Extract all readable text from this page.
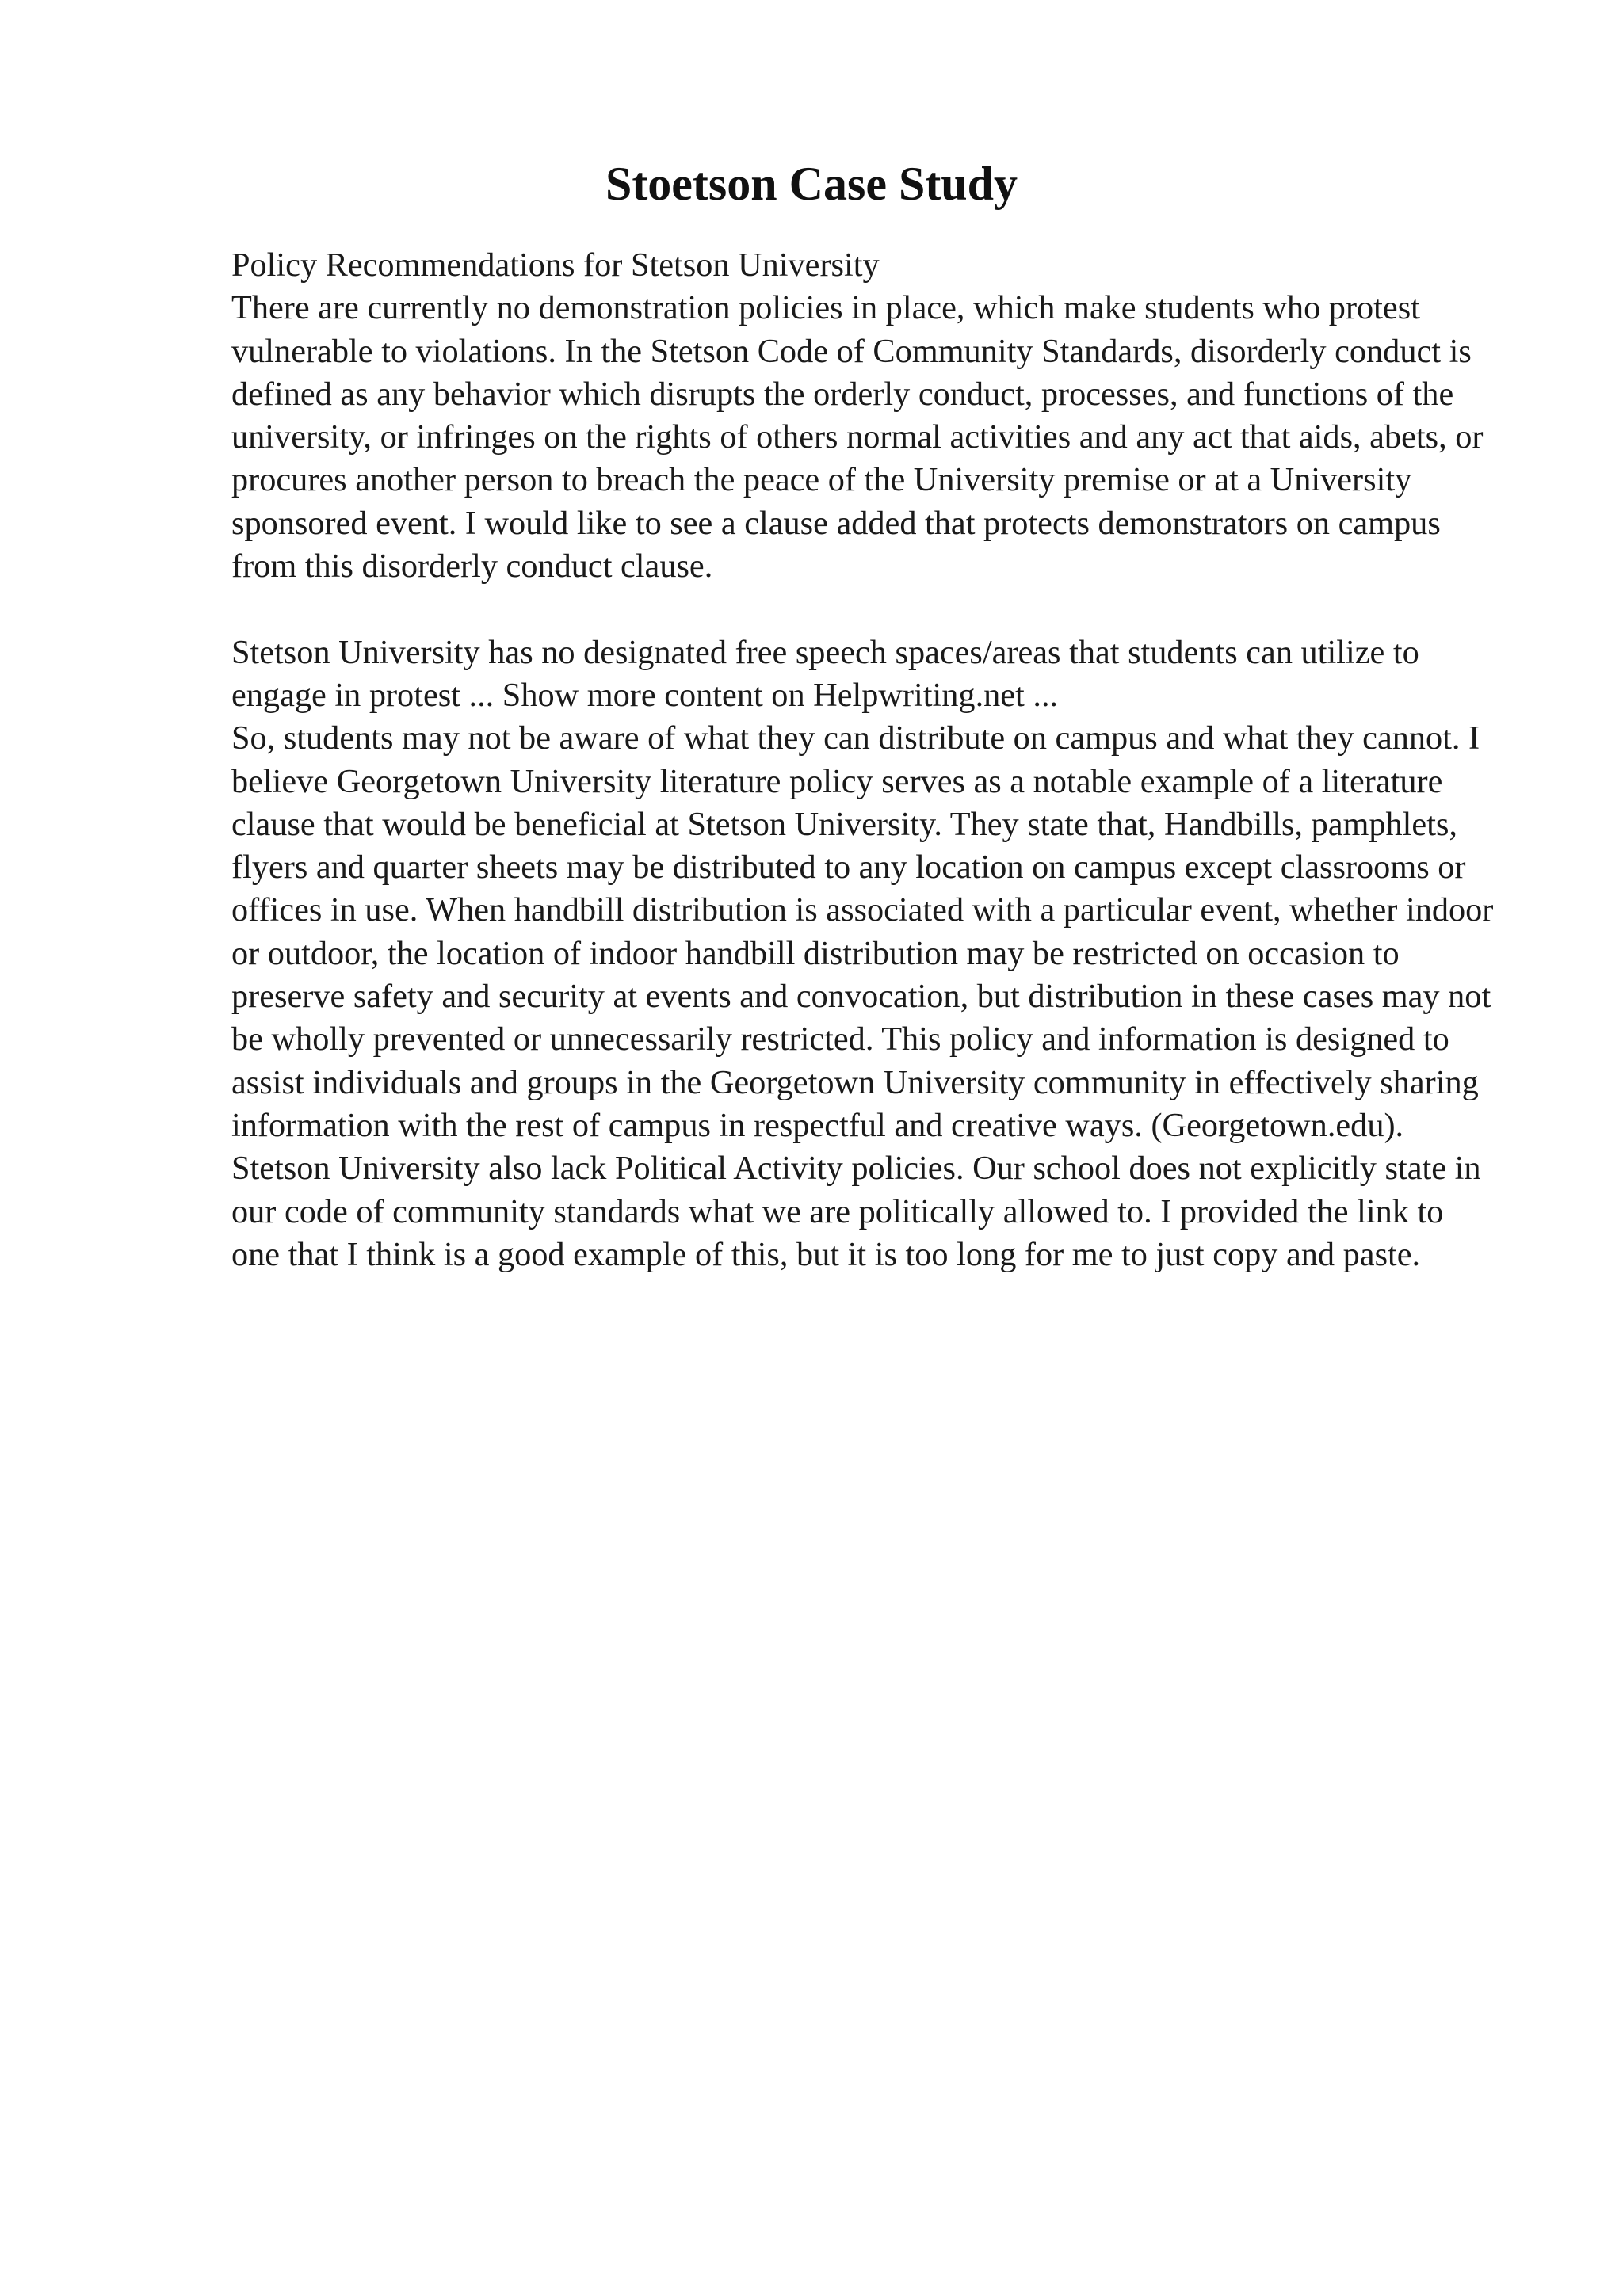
Stoetson Case Study

Policy Recommendations for Stetson University

There are currently no demonstration policies in place, which make students who protest vulnerable to violations. In the Stetson Code of Community Standards, disorderly conduct is defined as any behavior which disrupts the orderly conduct, processes, and functions of the university, or infringes on the rights of others normal activities and any act that aids, abets, or procures another person to breach the peace of the University premise or at a University sponsored event. I would like to see a clause added that protects demonstrators on campus from this disorderly conduct clause.

Stetson University has no designated free speech spaces/areas that students can utilize to engage in protest ... Show more content on Helpwriting.net ...

So, students may not be aware of what they can distribute on campus and what they cannot. I believe Georgetown University literature policy serves as a notable example of a literature clause that would be beneficial at Stetson University. They state that, Handbills, pamphlets, flyers and quarter sheets may be distributed to any location on campus except classrooms or offices in use. When handbill distribution is associated with a particular event, whether indoor or outdoor, the location of indoor handbill distribution may be restricted on occasion to preserve safety and security at events and convocation, but distribution in these cases may not be wholly prevented or unnecessarily restricted. This policy and information is designed to assist individuals and groups in the Georgetown University community in effectively sharing information with the rest of campus in respectful and creative ways. (Georgetown.edu).

Stetson University also lack Political Activity policies. Our school does not explicitly state in our code of community standards what we are politically allowed to. I provided the link to one that I think is a good example of this, but it is too long for me to just copy and paste.
